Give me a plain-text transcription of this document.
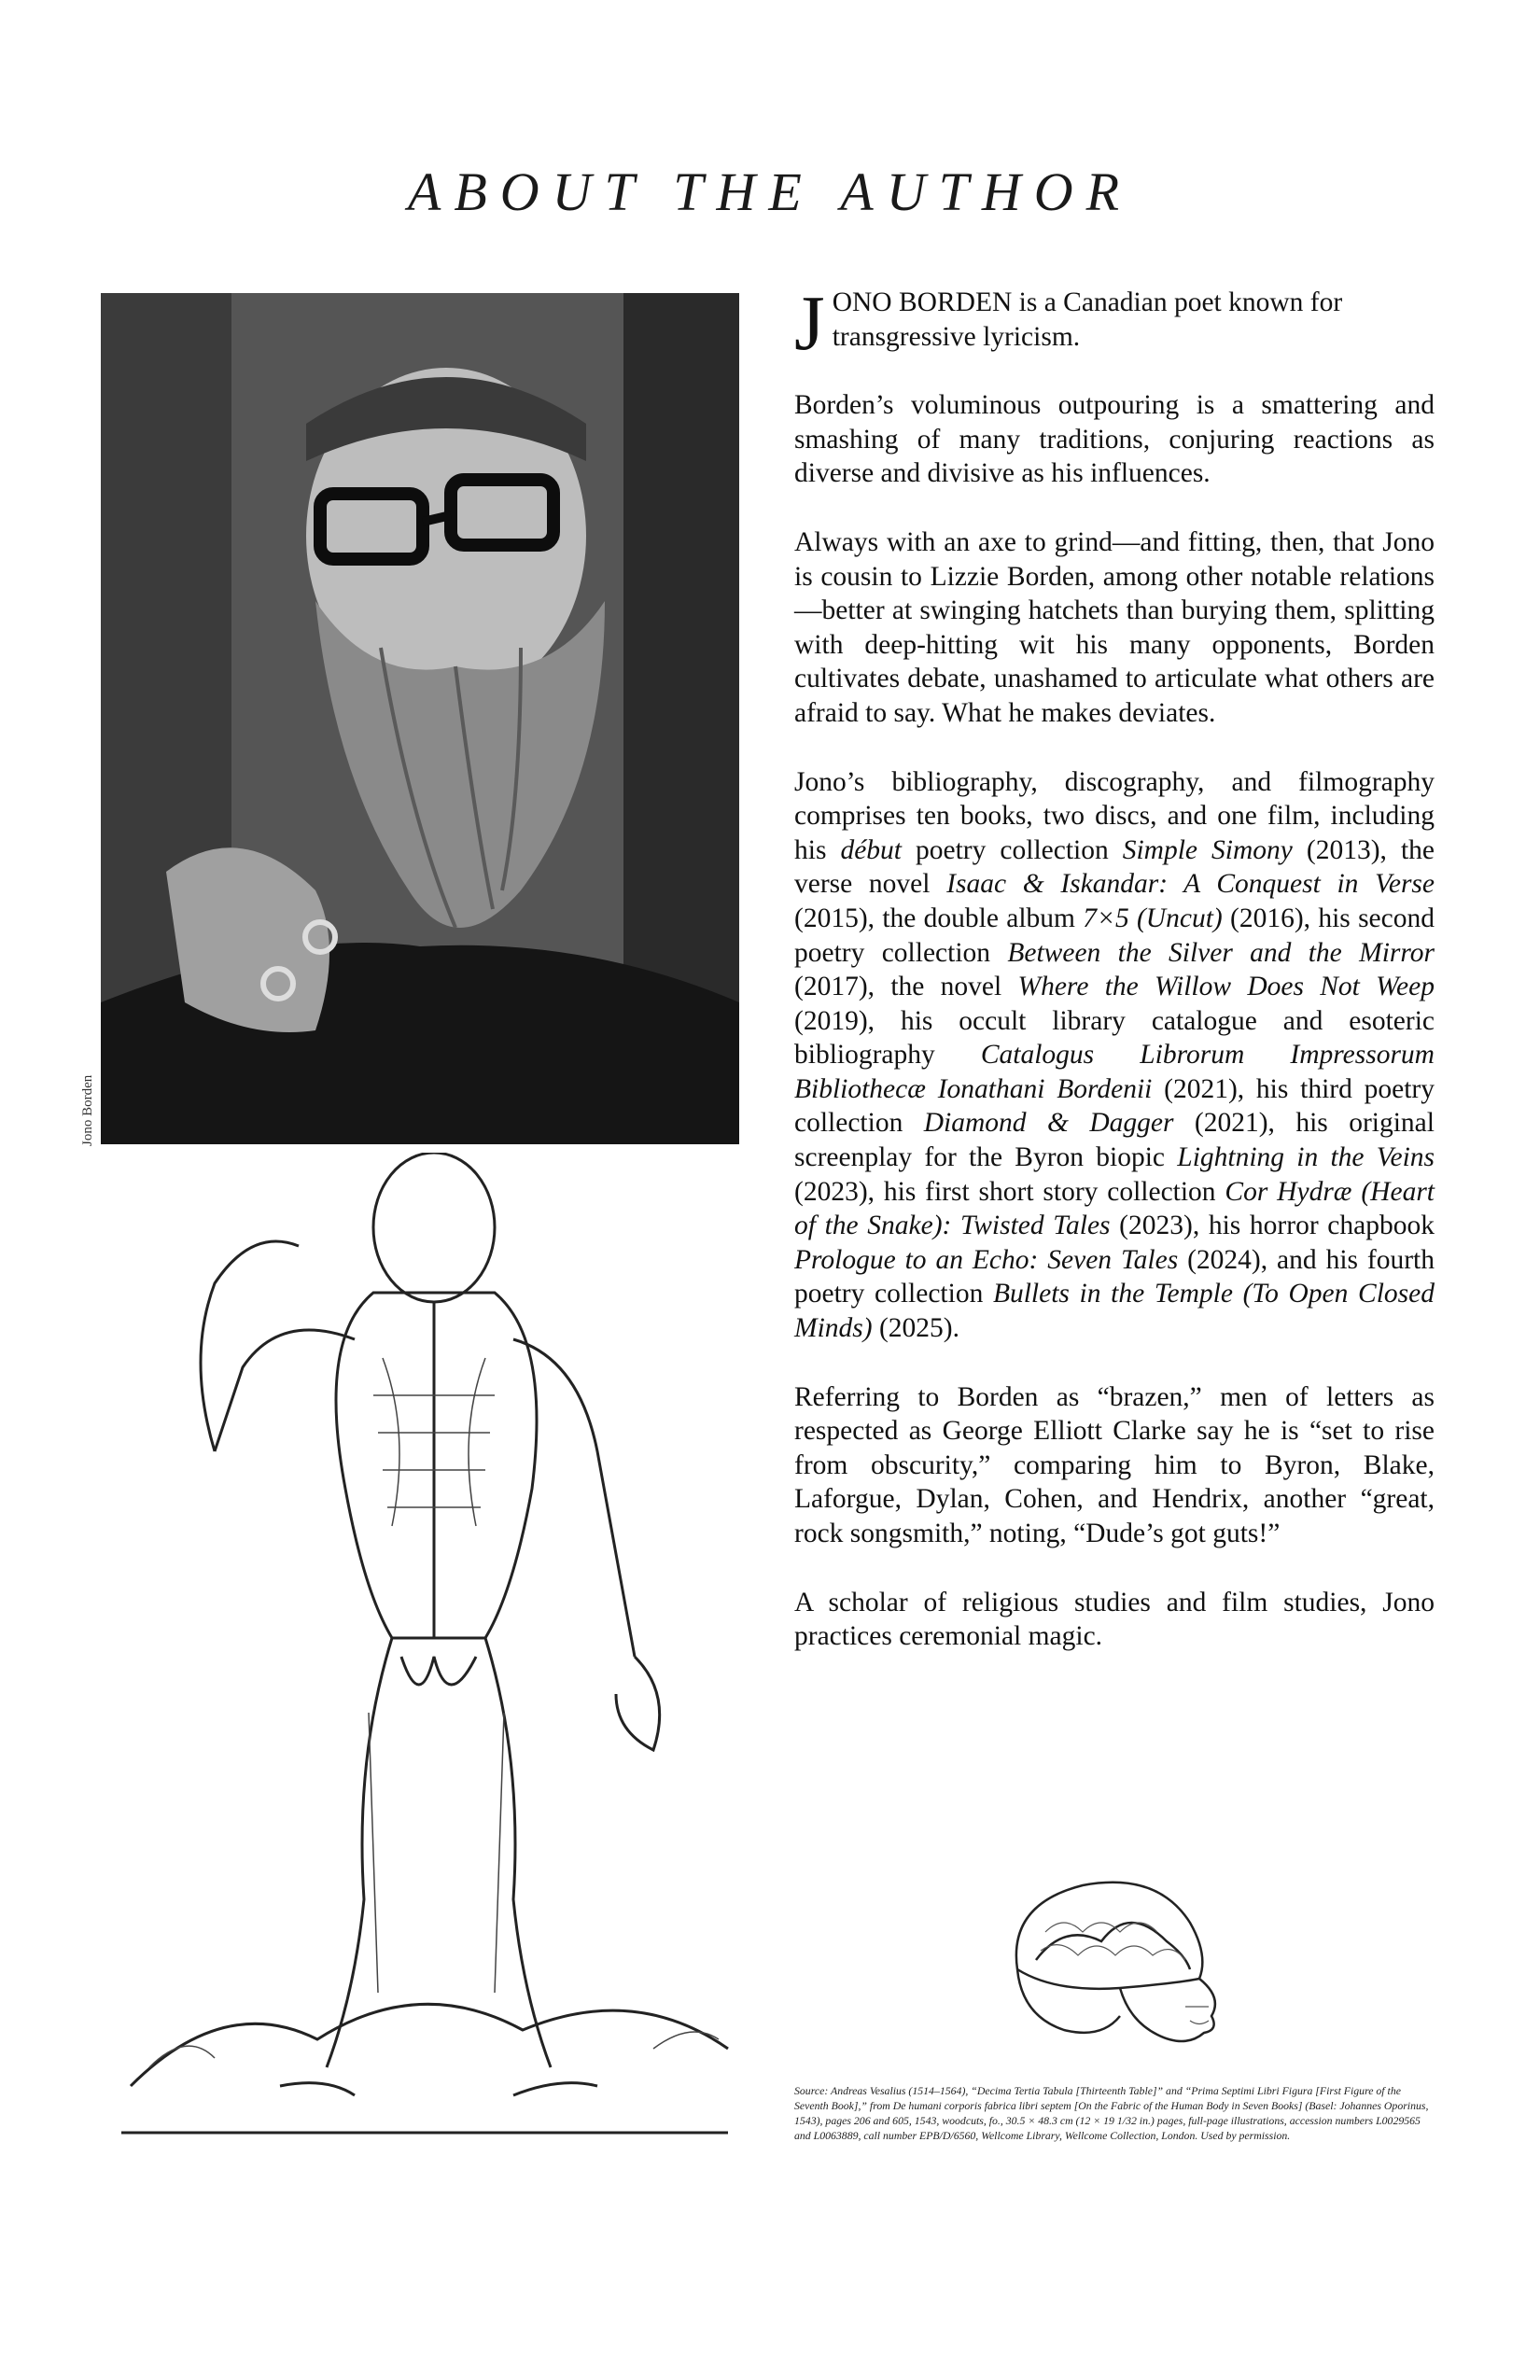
ABOUT THE AUTHOR
Jono Borden

JONO BORDEN is a Canadian poet known for transgressive lyricism.

Borden’s voluminous outpouring is a smattering and smashing of many traditions, conjuring reactions as diverse and divisive as his influences.

Always with an axe to grind—and fitting, then, that Jono is cousin to Lizzie Borden, among other notable relations—better at swinging hatchets than burying them, splitting with deep-hitting wit his many opponents, Borden cultivates debate, unashamed to articulate what others are afraid to say. What he makes deviates.

Jono’s bibliography, discography, and filmography comprises ten books, two discs, and one film, including his début poetry collection Simple Simony (2013), the verse novel Isaac & Iskandar: A Conquest in Verse (2015), the double album 7×5 (Uncut) (2016), his second poetry collection Between the Silver and the Mirror (2017), the novel Where the Willow Does Not Weep (2019), his occult library catalogue and esoteric bibliography Catalogus Librorum Impressorum Bibliothecæ Ionathani Bordenii (2021), his third poetry collection Diamond & Dagger (2021), his original screenplay for the Byron biopic Lightning in the Veins (2023), his first short story collection Cor Hydræ (Heart of the Snake): Twisted Tales (2023), his horror chapbook Prologue to an Echo: Seven Tales (2024), and his fourth poetry collection Bullets in the Temple (To Open Closed Minds) (2025).

Referring to Borden as “brazen,” men of letters as respected as George Elliott Clarke say he is “set to rise from obscurity,” comparing him to Byron, Blake, Laforgue, Dylan, Cohen, and Hendrix, another “great, rock songsmith,” noting, “Dude’s got guts!”

A scholar of religious studies and film studies, Jono practices ceremonial magic.

Source: Andreas Vesalius (1514–1564), “Decima Tertia Tabula [Thirteenth Table]” and “Prima Septimi Libri Figura [First Figure of the Seventh Book],” from De humani corporis fabrica libri septem [On the Fabric of the Human Body in Seven Books] (Basel: Johannes Oporinus, 1543), pages 206 and 605, 1543, woodcuts, fo., 30.5 × 48.3 cm (12 × 19 1/32 in.) pages, full-page illustrations, accession numbers L0029565 and L0063889, call number EPB/D/6560, Wellcome Library, Wellcome Collection, London. Used by permission.
